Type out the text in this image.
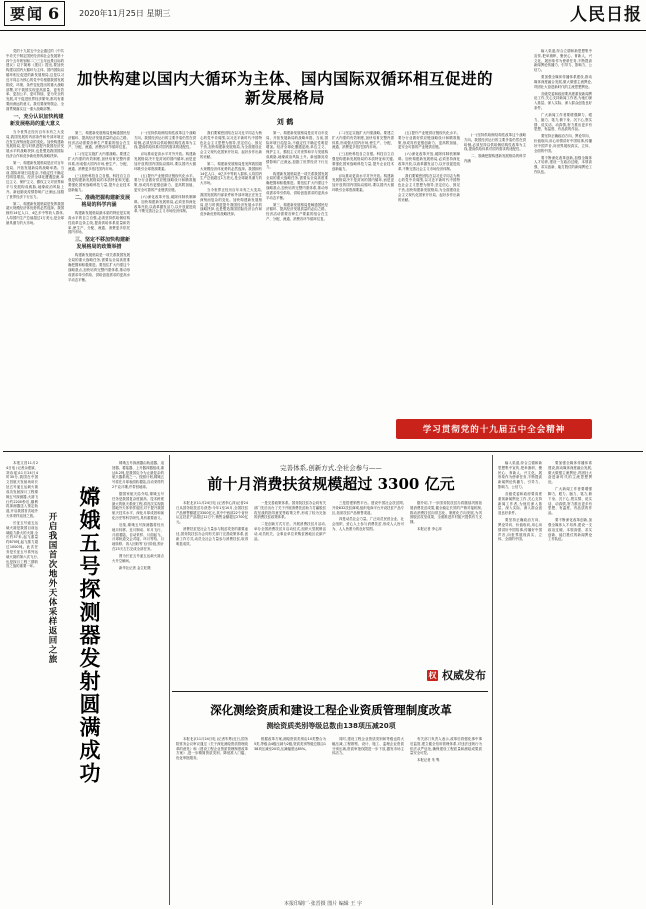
要闻 6	2020年11月25日 星期三	人民日报
加快构建以国内大循环为主体、国内国际双循环相互促进的新发展格局
刘 鹤

党的十九届五中全会通过的《中共中央关于制定国民经济和社会发展第十四个五年规划和二〇三五年远景目标的建议》以下简称《建议》提出,要加快构建以国内大循环为主体、国内国际双循环相互促进的新发展格局,这是以习近平同志为核心的党中央根据我国发展阶段、环境、条件变化提出的重大战略部署,对于我国实现更高质量、更有效率、更加公平、更可持续、更为安全的发展,对于促进世界经济繁荣,都具有重要而深远的意义。我们要深刻领会、全面贯彻落实这一重大战略部署。

一、充分认识加快构建新发展格局的重大意义

当今世界正经历百年未有之大变局,我国发展的内部条件和外部环境正在发生深刻而复杂的变化。加快构建新发展格局,是与时俱进提升我国经济发展水平的战略抉择,也是塑造我国国际经济合作和竞争新优势的战略抉择。

第一、构建新发展格局是应对百年变局、开拓发展新局的战略举措。当前,国际环境日趋复杂,不稳定性不确定性明显增加。经济全球化遭遇逆流,单边主义、保护主义、霸权主义对世界和平与发展构成威胁,地缘政治风险上升。新冠肺炎疫情影响广泛深远,加剧了世界经济下行压力。

第二、构建新发展格局是发挥我国超大规模经济体优势的必然选择。我国拥有14亿人口、4亿多中等收入群体,人均国内生产总值超过1万美元,是全球最具潜力的大市场。

第三、构建新发展格局是畅通国民经济循环、提高经济发展质量的必由之路。经济活动需要各种生产要素的组合在生产、分配、流通、消费各环节循环往复。

(二)坚定实施扩大内需战略。要建立扩大内需的有效制度,加快培育完整内需体系,形成强大国内市场,使生产、分配、流通、消费更多依托国内市场。

(三)加快科技自立自强。科技自立自强是构建新发展格局的本质特征和关键,要强化国家战略科技力量,提升企业技术创新能力。

二、准确把握构建新发展格局的科学内涵

构建新发展格局最本质的特征是实现高水平的自立自强,必须坚持供给侧结构性改革这条主线,提高供给体系质量和效率,使生产、分配、流通、消费更多依托国内市场。

三、坚定不移加快构建新发展格局的政策举措

构建新发展格局是一项关系我国发展全局的重大战略任务,需要从全局高度准确把握和积极推进。要扭住扩大内需这个战略基点,加快培育完整内需体系,推动形成需求牵引供给、供给创造需求的更高水平动态平衡。

(一)坚持供给侧结构性改革这个战略方向。我国经济运行的主要矛盾仍然在供给侧,必须坚持以供给侧结构性改革为主线,提高供给体系对国内需求的适配性。

(四)推动更高水平对外开放。构建新发展格局决不是封闭的国内循环,而是更加开放的国内国际双循环,要以国内大循环吸引全球资源要素。

(五)提升产业链供应链现代化水平。要分行业做好供应链战略设计和精准施策,形成具有更强创新力、更高附加值、更安全可靠的产业链供应链。

(六)深化改革开放,破除体制机制障碍。加快构建新发展格局,必须坚持深化改革开放,以改革激发活力,以开放促进改革,不断完善社会主义市场经济体制。

我们要紧密团结在以习近平同志为核心的党中央周围,以习近平新时代中国特色社会主义思想为指导,坚定信心、鼓足干劲,加快构建新发展格局,为全面建设社会主义现代化国家开好局、起好步作出新的贡献。

第二、构建新发展格局是发挥我国超大规模经济体优势的必然选择。我国拥有14亿人口、4亿多中等收入群体,人均国内生产总值超过1万美元,是全球最具潜力的大市场。

当今世界正经历百年未有之大变局,我国发展的内部条件和外部环境正在发生深刻而复杂的变化。加快构建新发展格局,是与时俱进提升我国经济发展水平的战略抉择,也是塑造我国国际经济合作和竞争新优势的战略抉择。

第一、构建新发展格局是应对百年变局、开拓发展新局的战略举措。当前,国际环境日趋复杂,不稳定性不确定性明显增加。经济全球化遭遇逆流,单边主义、保护主义、霸权主义对世界和平与发展构成威胁,地缘政治风险上升。新冠肺炎疫情影响广泛深远,加剧了世界经济下行压力。

构建新发展格局是一项关系我国发展全局的重大战略任务,需要从全局高度准确把握和积极推进。要扭住扩大内需这个战略基点,加快培育完整内需体系,推动形成需求牵引供给、供给创造需求的更高水平动态平衡。

第三、构建新发展格局是畅通国民经济循环、提高经济发展质量的必由之路。经济活动需要各种生产要素的组合在生产、分配、流通、消费各环节循环往复。

(二)坚定实施扩大内需战略。要建立扩大内需的有效制度,加快培育完整内需体系,形成强大国内市场,使生产、分配、流通、消费更多依托国内市场。

(三)加快科技自立自强。科技自立自强是构建新发展格局的本质特征和关键,要强化国家战略科技力量,提升企业技术创新能力。

(四)推动更高水平对外开放。构建新发展格局决不是封闭的国内循环,而是更加开放的国内国际双循环,要以国内大循环吸引全球资源要素。

(五)提升产业链供应链现代化水平。要分行业做好供应链战略设计和精准施策,形成具有更强创新力、更高附加值、更安全可靠的产业链供应链。

(六)深化改革开放,破除体制机制障碍。加快构建新发展格局,必须坚持深化改革开放,以改革激发活力,以开放促进改革,不断完善社会主义市场经济体制。

我们要紧密团结在以习近平同志为核心的党中央周围,以习近平新时代中国特色社会主义思想为指导,坚定信心、鼓足干劲,加快构建新发展格局,为全面建设社会主义现代化国家开好局、起好步作出新的贡献。

(一)坚持供给侧结构性改革这个战略方向。我国经济运行的主要矛盾仍然在供给侧,必须坚持以供给侧结构性改革为主线,提高供给体系对国内需求的适配性。

二、准确把握构建新发展格局的科学内涵

学习贯彻党的十九届五中全会精神

输入渠道,综合立德和新思想集中宣传,把举旗帜、聚民心、育新人、兴文化、展形象作为使命任务,不断提高新闻舆论传播力、引导力、影响力、公信力。

要加强全媒体传播体系建设,推动媒体深度融合发展,做大做强主流舆论,巩固壮大奋进新时代的主流思想舆论。

各级党委和政府要高度重视新闻舆论工作,关心支持新闻工作者,为他们深入基层、深入实际、深入群众创造良好条件。

广大新闻工作者要增强脚力、眼力、脑力、笔力,俯下身、沉下心,察实情、说实话、动真情,努力推出更多有思想、有温度、有品质的作品。

要坚持正确政治方向、舆论导向、价值取向,用心用情讲好中国故事,传播好中国声音,向世界展现真实、立体、全面的中国。

要不断深化改革创新,加强全媒体人才培养,建设一支政治过硬、本领高强、求实创新、能打胜仗的新闻舆论工作队伍。

本报文昌11月24日电 (记者余建斌、刘诗瑶)11月24日4时30分,我国在中国文昌航天发射场用长征五号遥五运载火箭成功发射探月工程嫦娥五号探测器,火箭飞行约2200秒后,顺利将探测器送入预定轨道,开启我国首次地外天体采样返回之旅。

长征五号遥五运载火箭是我国目前运载能力最大的火箭,全长约57米,起飞重量约870吨,起飞推力超过1000吨。此次任务是长征五号系列运载火箭的第六次飞行,也是探月工程三期收官之战的重要一环。 嫦娥五号探测器发射圆满成功
开启我国首次地外天体采样返回之旅

嫦娥五号探测器由轨道器、返回器、着陆器、上升器四器组成,重达8.2吨,是我国迄今为止最复杂的航天器系统之一。按照计划,嫦娥五号将在月球表面软着陆,自动采样约2千克月壤,并带回地球。

据国家航天局介绍,嫦娥五号任务是我国复杂度最高、技术跨度最大的航天系统工程,将首次实现我国地外天体采样返回,对于提升我国航天技术水平、深化月球成因和演化历史等科学研究,具有重要意义。

后续,嫦娥五号探测器将经历地月转移、近月制动、环月飞行、月面着陆、自动采样、月面起飞、月球轨道交会对接、环月等待、月地转移、再入回收等飞行阶段,预计在23天左右完成全部任务。

图为长征五号遥五运载火箭点火升空瞬间。

新华社记者 金立旺摄

完善体系,创新方式,全社会参与——
前十月消费扶贫规模超过 3300 亿元

本报北京11月24日电 (记者李心萍)记者24日从国务院扶贫办获悉:今年1至10月,全国扶贫产品销售额超过3300亿元,其中中西部22个省份认定扶贫产品超过12万个,销售金额超过2700亿元。

消费扶贫是社会力量参与脱贫攻坚的重要途径,国务院扶贫办会同有关部门完善政策体系,创新工作方式,动员全社会力量参与消费扶贫,取得明显成效。

一是完善政策体系。国务院扶贫办会同有关部门先后出台了关于开展消费扶贫助力打赢脱贫攻坚战的指导意见等政策文件,形成了较为完备的消费扶贫政策体系。

二是创新方式方法。开展消费扶贫月活动,举办全国消费扶贫月启动仪式,组织大型展销活动,动员机关、企事业单位采购贫困地区农副产品。

三是搭建销售平台。建设中国社会扶贫网,开设832扶贫商城,组织电商平台开设扶贫产品专区,拓宽扶贫产品销售渠道。

四是动员社会力量。广泛动员民营企业、社会组织、爱心人士参与消费扶贫,形成人人皆可为、人人皆愿为的良好氛围。

据介绍,下一步国务院扶贫办将继续巩固拓展消费扶贫成果,健全稳定长效的产销对接机制,推动消费扶贫向常态化、制度化方向发展,为巩固脱贫攻坚成果、全面推进乡村振兴提供有力支撑。

本报记者 李心萍

权 权威发布
深化测绘资质和建设工程企业资质管理制度改革
测绘资质类别等级总数由138项压减20项

本报北京11月24日电 (记者朱隽)近日,国务院常务会议审议通过《关于深化测绘资质管理改革的意见》和《建设工程企业资质管理制度改革方案》,进一步精简资质类别、降低准入门槛、优化审批服务。

根据改革方案,测绘资质类别由10类整合为5类,等级由4级压减为2级,资质类别等级总数由138项压减至20项,压减幅度达85%。

同时,建设工程企业资质类别和等级也将大幅压减,工程勘察、设计、施工、监理企业资质分别压减,资质审批权限进一步下放,激发市场主体活力。

有关部门负责人表示,改革后将强化事中事后监管,建立健全信用管理体系,对违法违规行为依法从严惩处,确保建设工程质量和测绘成果质量安全可控。

本报记者 朱 隽

输入渠道,综合立德和新思想集中宣传,把举旗帜、聚民心、育新人、兴文化、展形象作为使命任务,不断提高新闻舆论传播力、引导力、影响力、公信力。

各级党委和政府要高度重视新闻舆论工作,关心支持新闻工作者,为他们深入基层、深入实际、深入群众创造良好条件。

要坚持正确政治方向、舆论导向、价值取向,用心用情讲好中国故事,传播好中国声音,向世界展现真实、立体、全面的中国。

要加强全媒体传播体系建设,推动媒体深度融合发展,做大做强主流舆论,巩固壮大奋进新时代的主流思想舆论。

广大新闻工作者要增强脚力、眼力、脑力、笔力,俯下身、沉下心,察实情、说实话、动真情,努力推出更多有思想、有温度、有品质的作品。

要不断深化改革创新,加强全媒体人才培养,建设一支政治过硬、本领高强、求实创新、能打胜仗的新闻舆论工作队伍。

本报印刷厂·张晋摄 图片 编辑 王 宇
